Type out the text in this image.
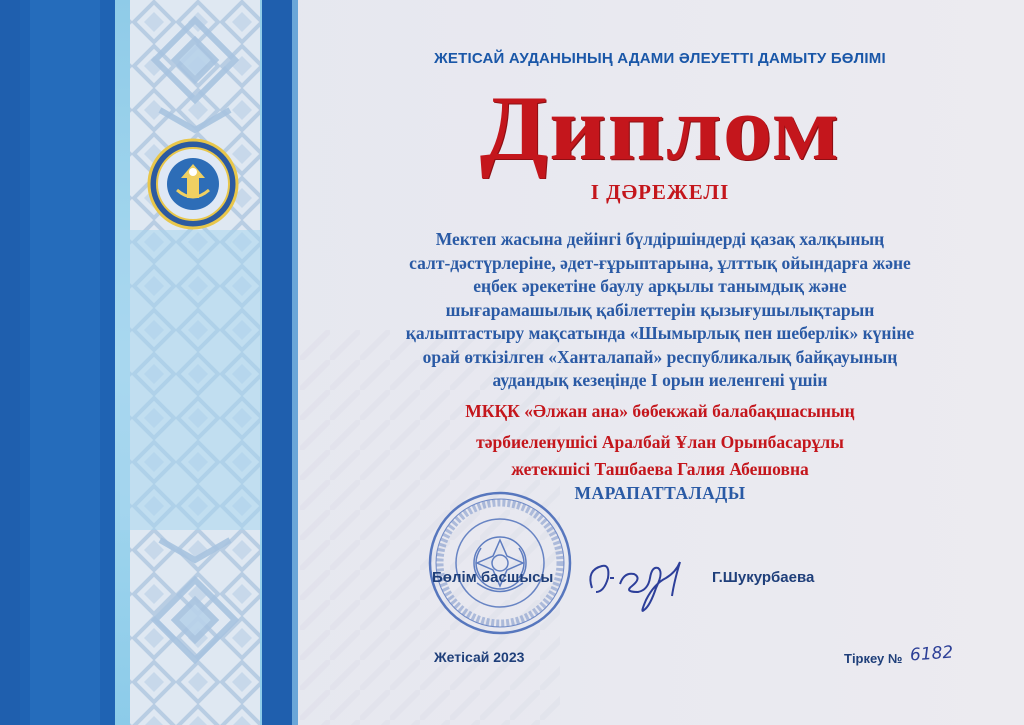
ЖЕТІСАЙ АУДАНЫНЫҢ АДАМИ ӘЛЕУЕТТІ ДАМЫТУ БӨЛІМІ
Диплом
І ДӘРЕЖЕЛІ
Мектеп жасына дейінгі бүлдіршіндерді қазақ халқының
салт-дәстүрлеріне, әдет-ғұрыптарына, ұлттық ойындарға және
еңбек әрекетіне баулу арқылы танымдық және
шығарамашылық қабілеттерін қызығушылықтарын
қалыптастыру мақсатында «Шымырлық пен шеберлік» күніне
орай өткізілген «Ханталапай» республикалық байқауының
аудандық кезеңінде І орын иеленгені үшін
МКҚК «Әлжан ана» бөбекжай балабақшасының
тәрбиеленушісі Аралбай Ұлан Орынбасарұлы
жетекшісі Ташбаева Галия Абешовна
МАРАПАТТАЛАДЫ
Бөлім басшысы	Г.Шукурбаева
Жетісай 2023	Тіркеу № 6182
